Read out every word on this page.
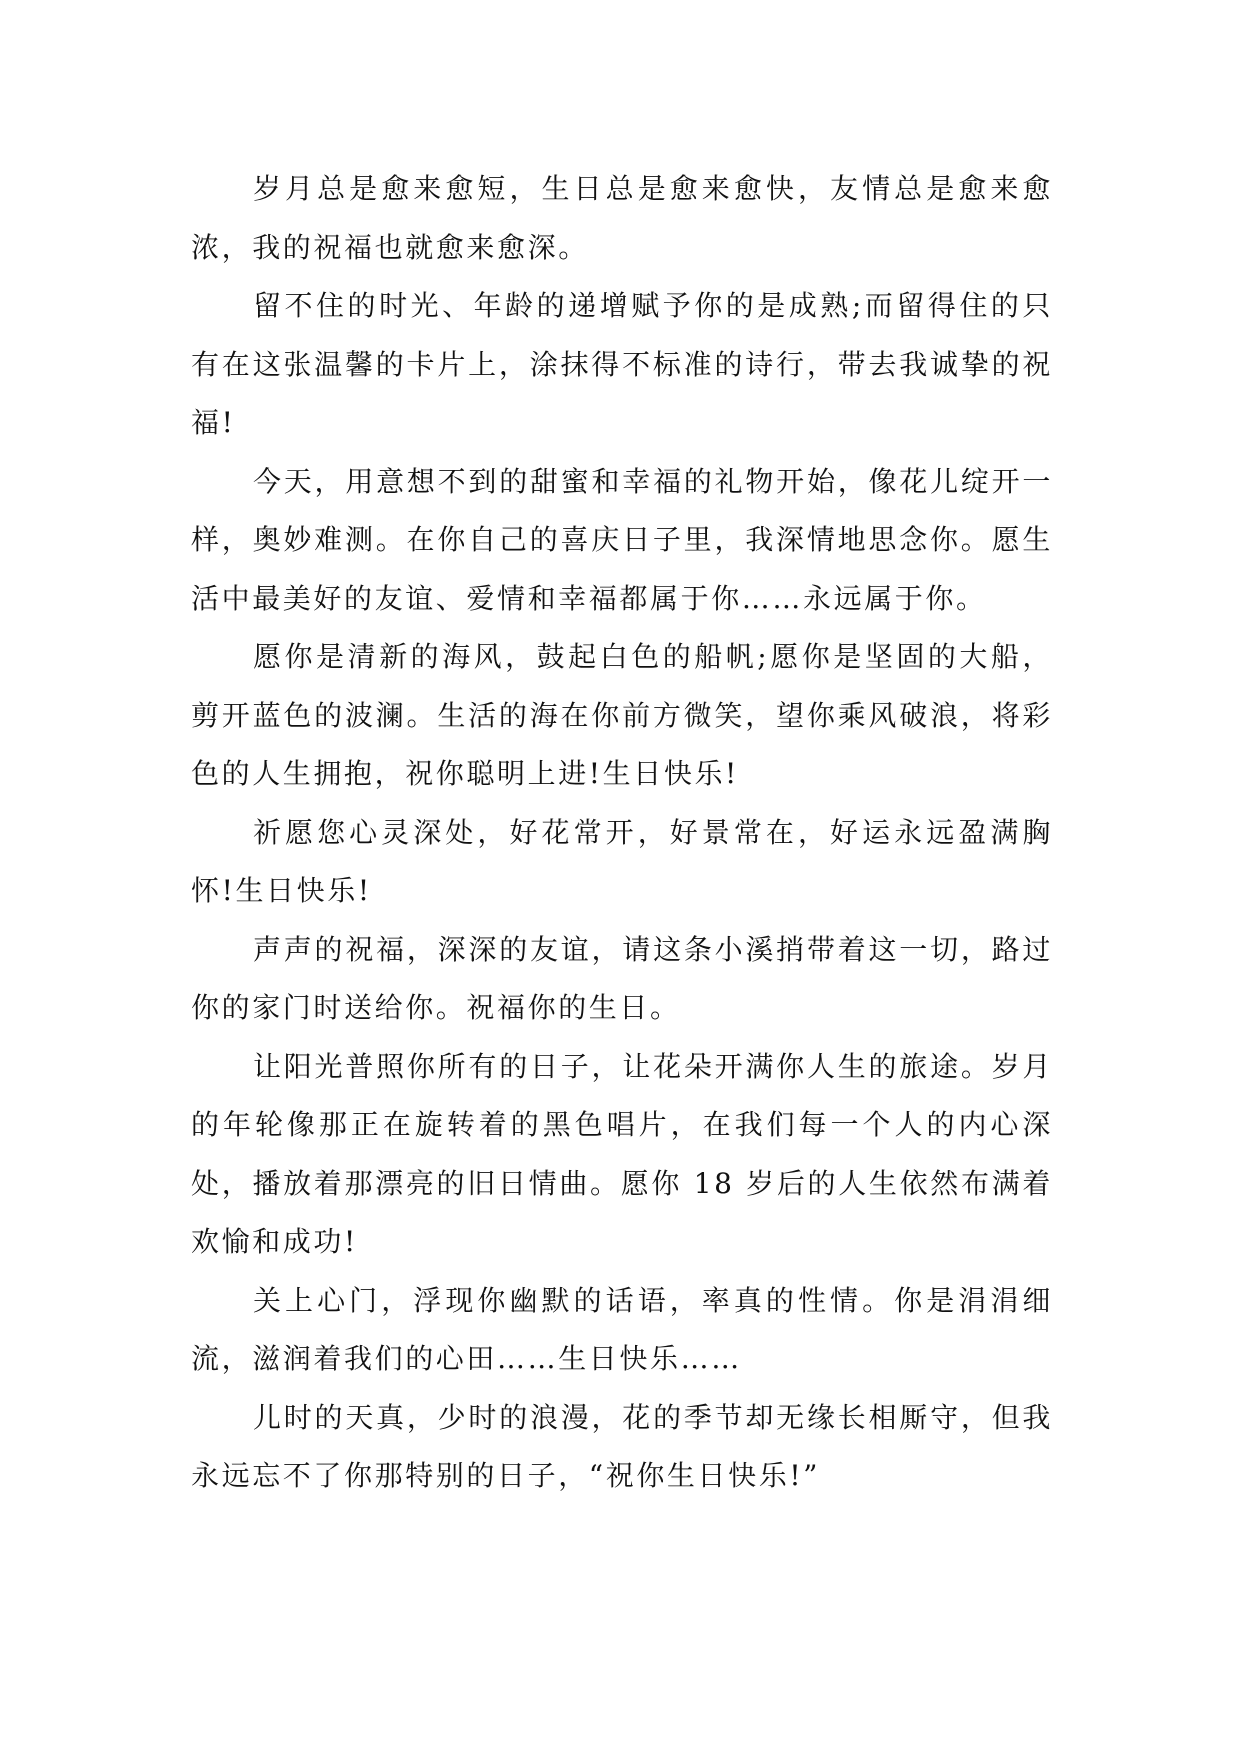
岁月总是愈来愈短，生日总是愈来愈快，友情总是愈来愈浓，我的祝福也就愈来愈深。

留不住的时光、年龄的递增赋予你的是成熟;而留得住的只有在这张温馨的卡片上，涂抹得不标准的诗行，带去我诚挚的祝福!

今天，用意想不到的甜蜜和幸福的礼物开始，像花儿绽开一样，奥妙难测。在你自己的喜庆日子里，我深情地思念你。愿生活中最美好的友谊、爱情和幸福都属于你……永远属于你。

愿你是清新的海风，鼓起白色的船帆;愿你是坚固的大船，剪开蓝色的波澜。生活的海在你前方微笑，望你乘风破浪，将彩色的人生拥抱，祝你聪明上进!生日快乐!

祈愿您心灵深处，好花常开，好景常在，好运永远盈满胸怀!生日快乐!

声声的祝福，深深的友谊，请这条小溪捎带着这一切，路过你的家门时送给你。祝福你的生日。

让阳光普照你所有的日子，让花朵开满你人生的旅途。岁月的年轮像那正在旋转着的黑色唱片，在我们每一个人的内心深处，播放着那漂亮的旧日情曲。愿你 18 岁后的人生依然布满着欢愉和成功!

关上心门，浮现你幽默的话语，率真的性情。你是涓涓细流，滋润着我们的心田……生日快乐……

儿时的天真，少时的浪漫，花的季节却无缘长相厮守，但我永远忘不了你那特别的日子，“祝你生日快乐!”
